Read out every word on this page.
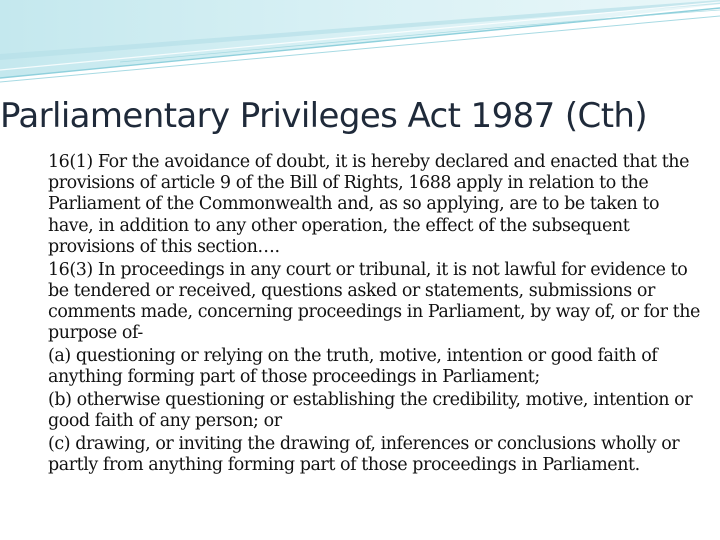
Parliamentary Privileges Act 1987 (Cth)

16(1) For the avoidance of doubt, it is hereby declared and enacted that the provisions of article 9 of the Bill of Rights, 1688 apply in relation to the Parliament of the Commonwealth and, as so applying, are to be taken to have, in addition to any other operation, the effect of the subsequent provisions of this section….

16(3) In proceedings in any court or tribunal, it is not lawful for evidence to be tendered or received, questions asked or statements, submissions or comments made, concerning proceedings in Parliament, by way of, or for the purpose of-

(a) questioning or relying on the truth, motive, intention or good faith of anything forming part of those proceedings in Parliament;

(b) otherwise questioning or establishing the credibility, motive, intention or good faith of any person; or

(c) drawing, or inviting the drawing of, inferences or conclusions wholly or partly from anything forming part of those proceedings in Parliament.
